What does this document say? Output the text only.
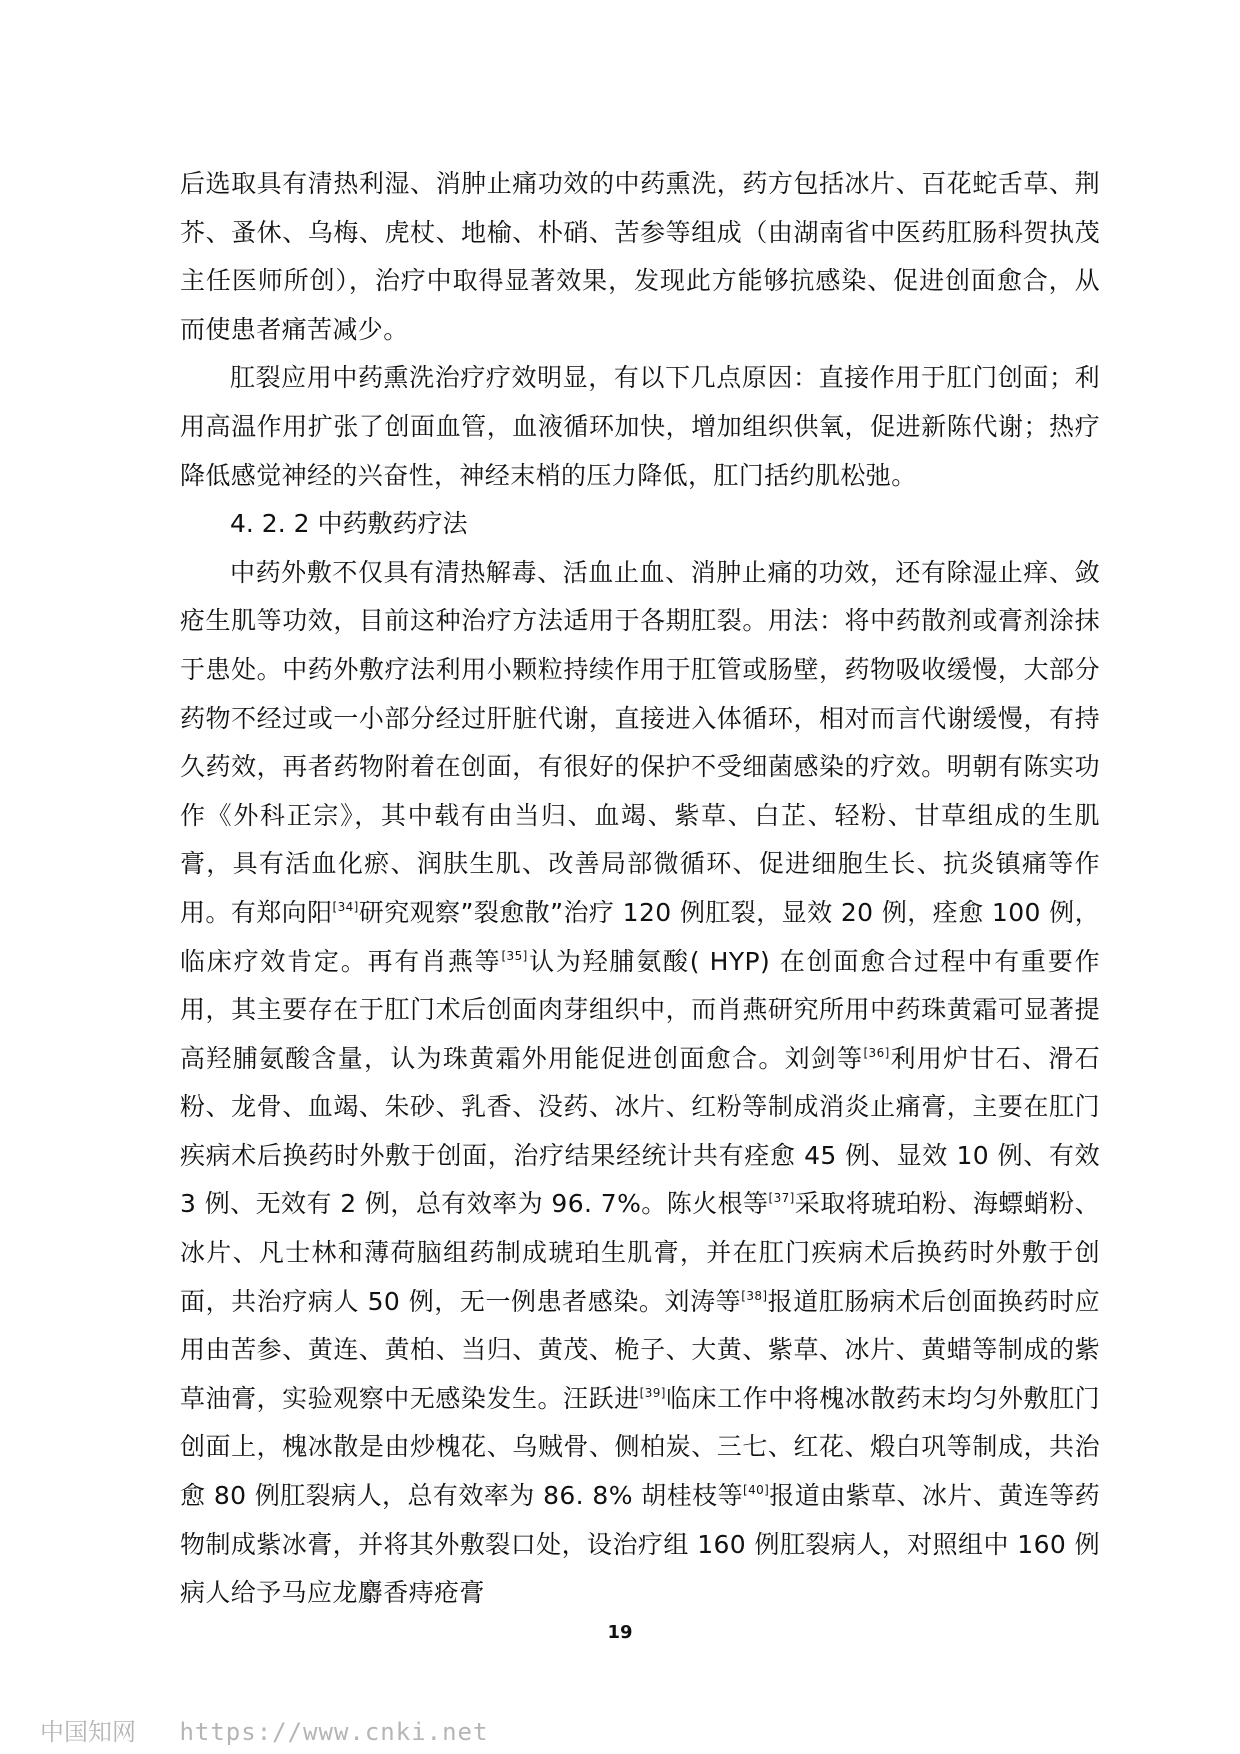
后选取具有清热利湿、消肿止痛功效的中药熏洗，药方包括冰片、百花蛇舌草、荆芥、蚤休、乌梅、虎杖、地榆、朴硝、苦参等组成（由湖南省中医药肛肠科贺执茂主任医师所创），治疗中取得显著效果，发现此方能够抗感染、促进创面愈合，从而使患者痛苦减少。

肛裂应用中药熏洗治疗疗效明显，有以下几点原因：直接作用于肛门创面；利用高温作用扩张了创面血管，血液循环加快，增加组织供氧，促进新陈代谢；热疗降低感觉神经的兴奋性，神经末梢的压力降低，肛门括约肌松弛。

4. 2. 2 中药敷药疗法

中药外敷不仅具有清热解毒、活血止血、消肿止痛的功效，还有除湿止痒、敛疮生肌等功效，目前这种治疗方法适用于各期肛裂。用法：将中药散剂或膏剂涂抹于患处。中药外敷疗法利用小颗粒持续作用于肛管或肠壁，药物吸收缓慢，大部分药物不经过或一小部分经过肝脏代谢，直接进入体循环，相对而言代谢缓慢，有持久药效，再者药物附着在创面，有很好的保护不受细菌感染的疗效。明朝有陈实功作《外科正宗》，其中载有由当归、血竭、紫草、白芷、轻粉、甘草组成的生肌膏，具有活血化瘀、润肤生肌、改善局部微循环、促进细胞生长、抗炎镇痛等作用。有郑向阳[34]研究观察”裂愈散”治疗 120 例肛裂，显效 20 例，痊愈 100 例，临床疗效肯定。再有肖燕等[35]认为羟脯氨酸( HYP) 在创面愈合过程中有重要作用，其主要存在于肛门术后创面肉芽组织中，而肖燕研究所用中药珠黄霜可显著提高羟脯氨酸含量，认为珠黄霜外用能促进创面愈合。刘剑等[36]利用炉甘石、滑石粉、龙骨、血竭、朱砂、乳香、没药、冰片、红粉等制成消炎止痛膏，主要在肛门疾病术后换药时外敷于创面，治疗结果经统计共有痊愈 45 例、显效 10 例、有效 3 例、无效有 2 例，总有效率为 96. 7%。陈火根等[37]采取将琥珀粉、海螵蛸粉、冰片、凡士林和薄荷脑组药制成琥珀生肌膏，并在肛门疾病术后换药时外敷于创面，共治疗病人 50 例，无一例患者感染。刘涛等[38]报道肛肠病术后创面换药时应用由苦参、黄连、黄柏、当归、黄茂、桅子、大黄、紫草、冰片、黄蜡等制成的紫草油膏，实验观察中无感染发生。汪跃进[39]临床工作中将槐冰散药末均匀外敷肛门创面上，槐冰散是由炒槐花、乌贼骨、侧柏炭、三七、红花、煅白巩等制成，共治愈 80 例肛裂病人，总有效率为 86. 8% 胡桂枝等[40]报道由紫草、冰片、黄连等药物制成紫冰膏，并将其外敷裂口处，设治疗组 160 例肛裂病人，对照组中 160 例病人给予马应龙麝香痔疮膏

19
中国知网 https://www.cnki.net
